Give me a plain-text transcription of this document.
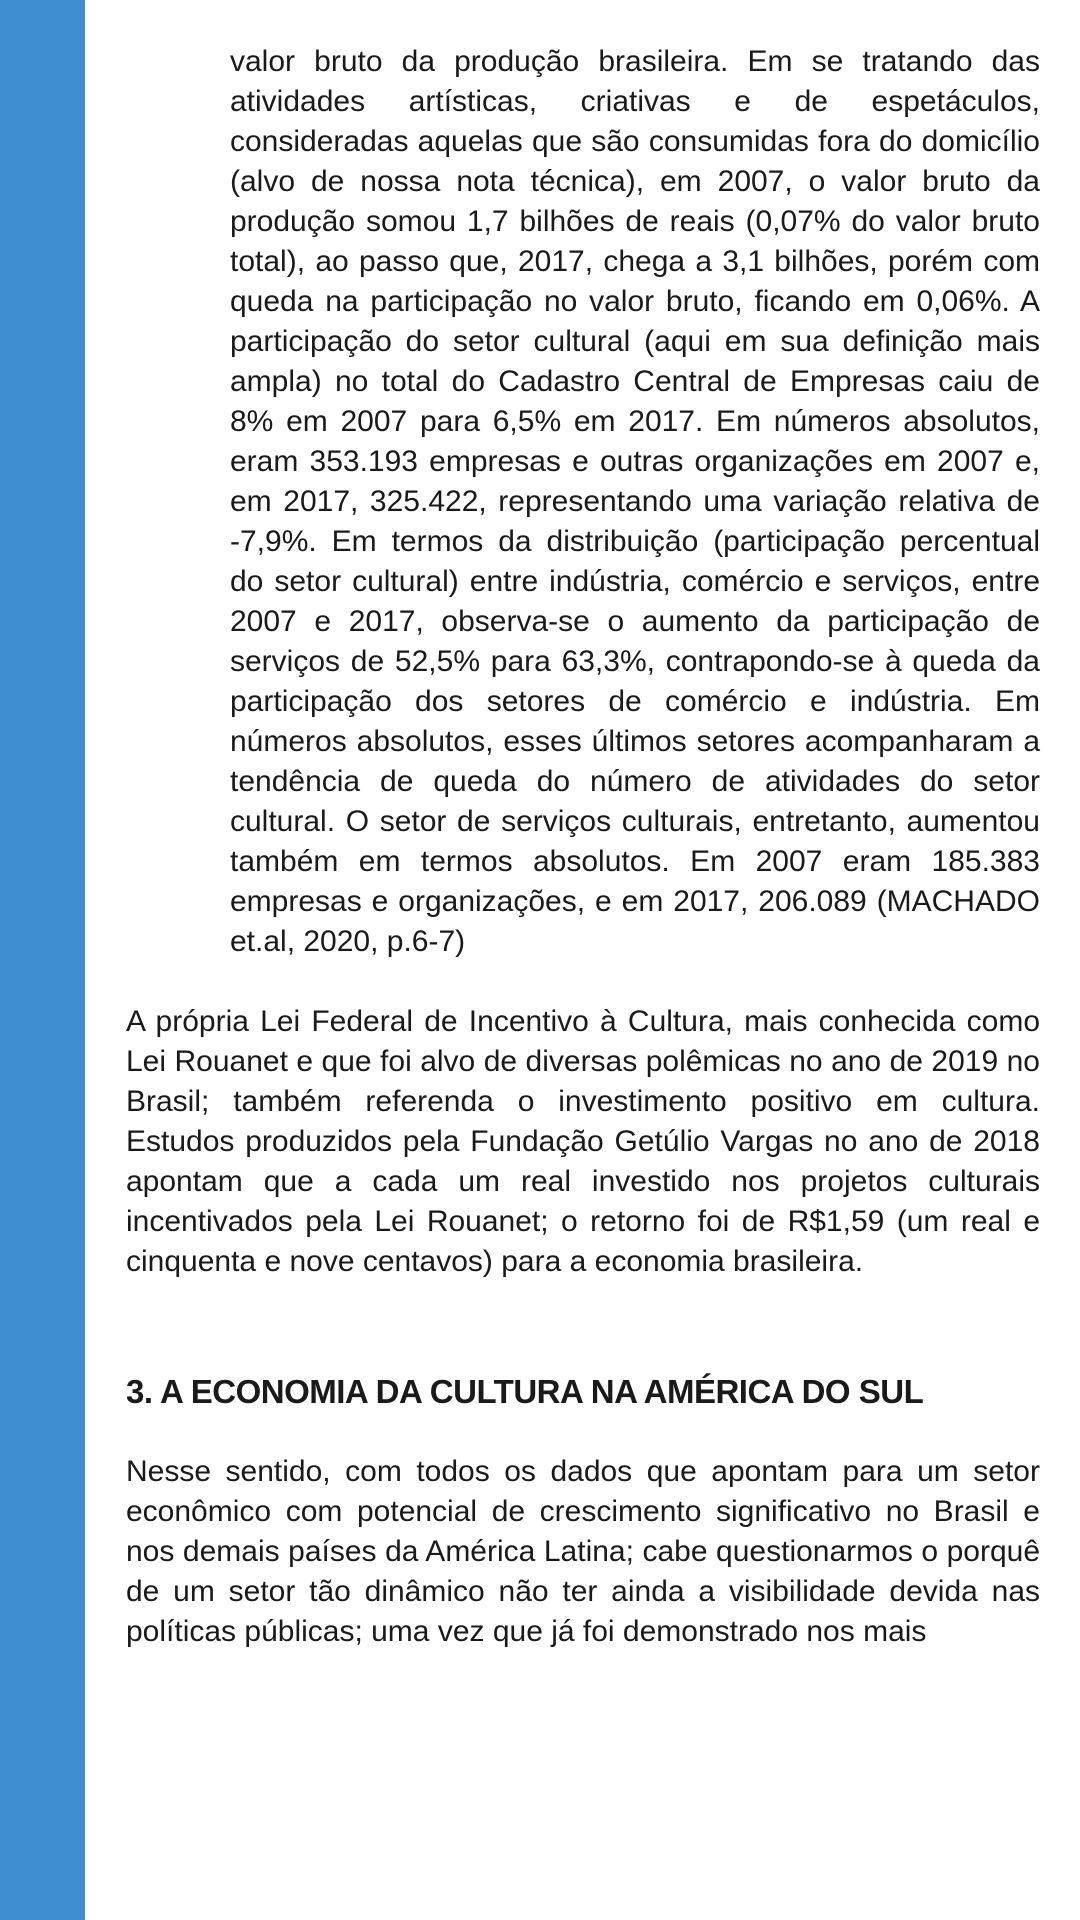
valor bruto da produção brasileira. Em se tratando das atividades artísticas, criativas e de espetáculos, consideradas aquelas que são consumidas fora do domicílio (alvo de nossa nota técnica), em 2007, o valor bruto da produção somou 1,7 bilhões de reais (0,07% do valor bruto total), ao passo que, 2017, chega a 3,1 bilhões, porém com queda na participação no valor bruto, ficando em 0,06%. A participação do setor cultural (aqui em sua definição mais ampla) no total do Cadastro Central de Empresas caiu de 8% em 2007 para 6,5% em 2017. Em números absolutos, eram 353.193 empresas e outras organizações em 2007 e, em 2017, 325.422, representando uma variação relativa de -7,9%. Em termos da distribuição (participação percentual do setor cultural) entre indústria, comércio e serviços, entre 2007 e 2017, observa-se o aumento da participação de serviços de 52,5% para 63,3%, contrapondo-se à queda da participação dos setores de comércio e indústria. Em números absolutos, esses últimos setores acompanharam a tendência de queda do número de atividades do setor cultural. O setor de serviços culturais, entretanto, aumentou também em termos absolutos. Em 2007 eram 185.383 empresas e organizações, e em 2017, 206.089 (MACHADO et.al, 2020, p.6-7)

A própria Lei Federal de Incentivo à Cultura, mais conhecida como Lei Rouanet e que foi alvo de diversas polêmicas no ano de 2019 no Brasil; também referenda o investimento positivo em cultura. Estudos produzidos pela Fundação Getúlio Vargas no ano de 2018 apontam que a cada um real investido nos projetos culturais incentivados pela Lei Rouanet; o retorno foi de R$1,59 (um real e cinquenta e nove centavos) para a economia brasileira.

3. A ECONOMIA DA CULTURA NA AMÉRICA DO SUL

Nesse sentido, com todos os dados que apontam para um setor econômico com potencial de crescimento significativo no Brasil e nos demais países da América Latina; cabe questionarmos o porquê de um setor tão dinâmico não ter ainda a visibilidade devida nas políticas públicas; uma vez que já foi demonstrado nos mais
